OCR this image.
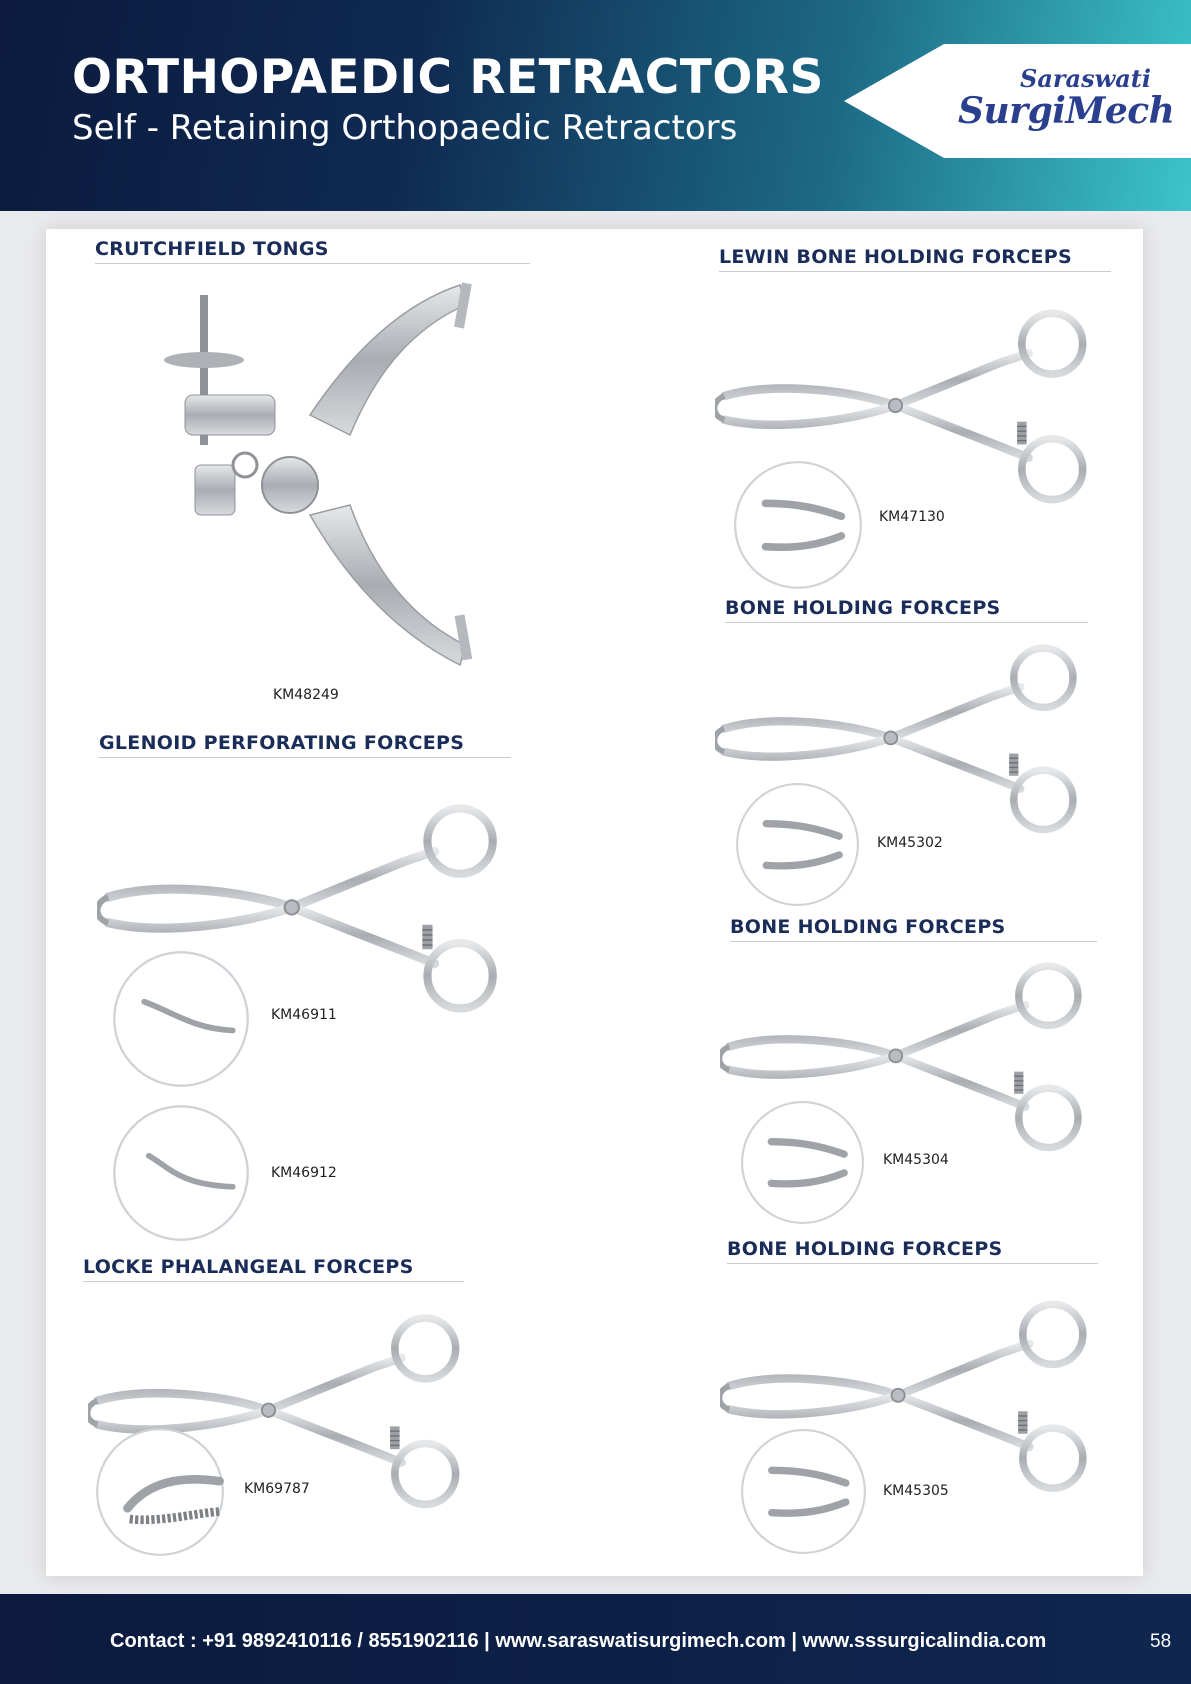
ORTHOPAEDIC RETRACTORS
Self - Retaining Orthopaedic Retractors
Saraswati
SurgiMech
CRUTCHFIELD TONGS
KM48249
LEWIN BONE HOLDING FORCEPS
KM47130
BONE HOLDING FORCEPS
KM45302
GLENOID PERFORATING FORCEPS
KM46911
KM46912
BONE HOLDING FORCEPS
KM45304
BONE HOLDING FORCEPS
KM45305
LOCKE PHALANGEAL FORCEPS
KM69787
Contact : +91 9892410116 / 8551902116 | www.saraswatisurgimech.com | www.sssurgicalindia.com	58
